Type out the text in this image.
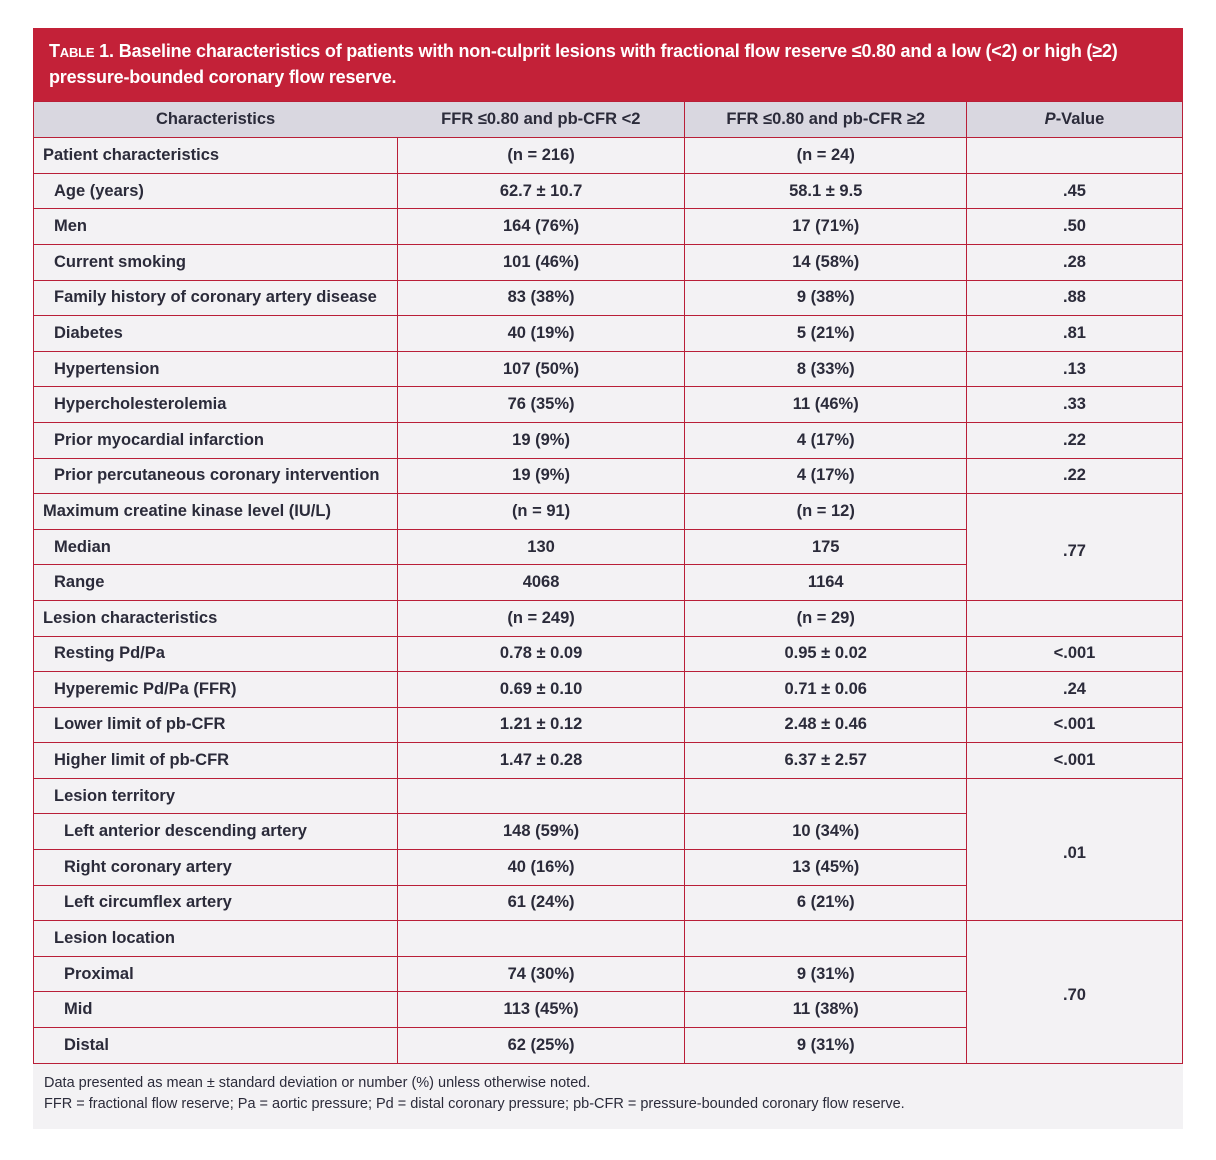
Table 1. Baseline characteristics of patients with non-culprit lesions with fractional flow reserve ≤0.80 and a low (<2) or high (≥2) pressure-bounded coronary flow reserve.
Characteristics	FFR ≤0.80 and pb-CFR <2	FFR ≤0.80 and pb-CFR ≥2	P-Value
Patient characteristics	(n = 216)	(n = 24)	
Age (years)	62.7 ± 10.7	58.1 ± 9.5	.45
Men	164 (76%)	17 (71%)	.50
Current smoking	101 (46%)	14 (58%)	.28
Family history of coronary artery disease	83 (38%)	9 (38%)	.88
Diabetes	40 (19%)	5 (21%)	.81
Hypertension	107 (50%)	8 (33%)	.13
Hypercholesterolemia	76 (35%)	11 (46%)	.33
Prior myocardial infarction	19 (9%)	4 (17%)	.22
Prior percutaneous coronary intervention	19 (9%)	4 (17%)	.22
Maximum creatine kinase level (IU/L)	(n = 91)	(n = 12)	.77
Median	130	175	
Range	4068	1164	
Lesion characteristics	(n = 249)	(n = 29)	
Resting Pd/Pa	0.78 ± 0.09	0.95 ± 0.02	<.001
Hyperemic Pd/Pa (FFR)	0.69 ± 0.10	0.71 ± 0.06	.24
Lower limit of pb-CFR	1.21 ± 0.12	2.48 ± 0.46	<.001
Higher limit of pb-CFR	1.47 ± 0.28	6.37 ± 2.57	<.001
Lesion territory			.01
Left anterior descending artery	148 (59%)	10 (34%)	
Right coronary artery	40 (16%)	13 (45%)	
Left circumflex artery	61 (24%)	6 (21%)	
Lesion location			.70
Proximal	74 (30%)	9 (31%)	
Mid	113 (45%)	11 (38%)	
Distal	62 (25%)	9 (31%)	
Data presented as mean ± standard deviation or number (%) unless otherwise noted.
FFR = fractional flow reserve; Pa = aortic pressure; Pd = distal coronary pressure; pb-CFR = pressure-bounded coronary flow reserve.
